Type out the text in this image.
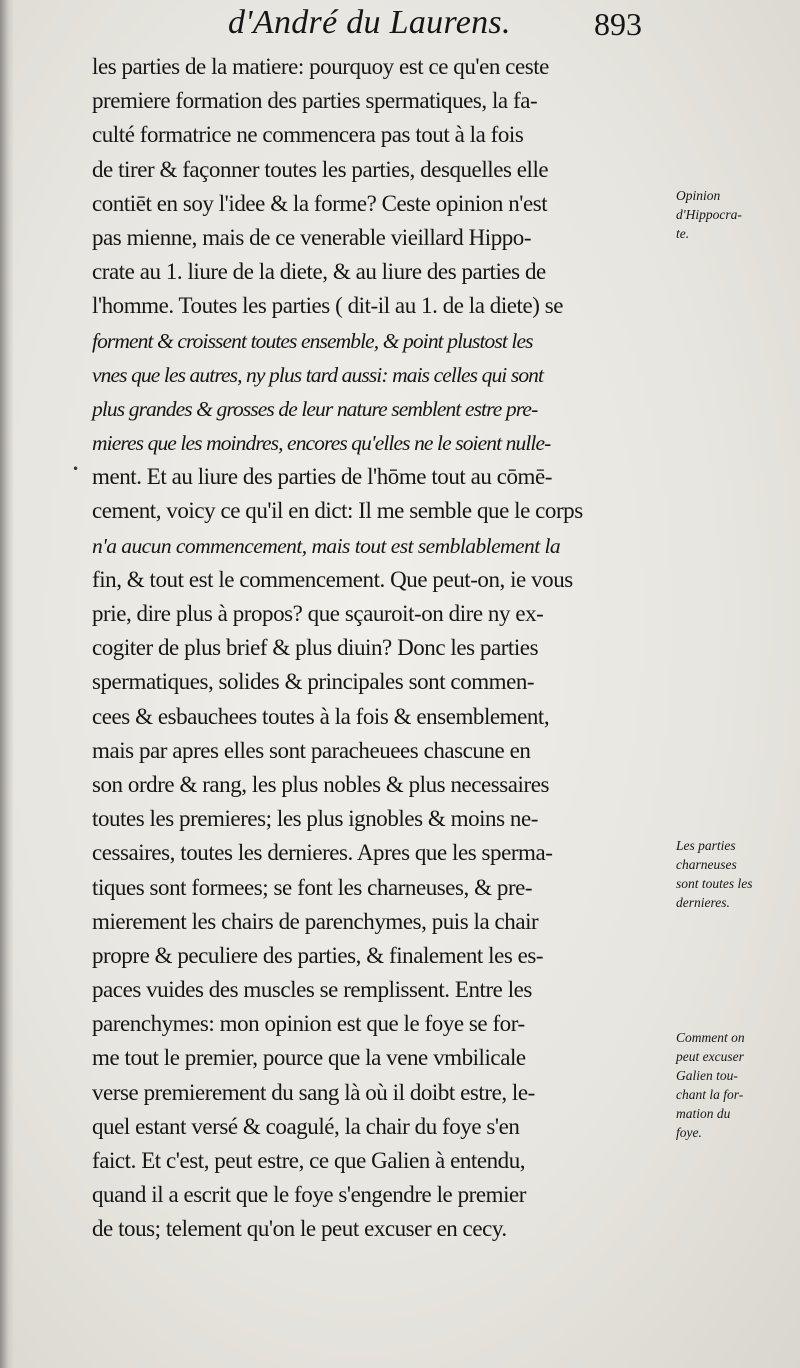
d'André du Laurens.	893
•
les parties de la matiere: pourquoy est ce qu'en ceste
premiere formation des parties spermatiques, la fa-
culté formatrice ne commencera pas tout à la fois
de tirer & façonner toutes les parties, desquelles elle
contiēt en soy l'idee & la forme? Ceste opinion n'est
pas mienne, mais de ce venerable vieillard Hippo-
crate au 1. liure de la diete, & au liure des parties de
l'homme. Toutes les parties ( dit-il au 1. de la diete) se
forment & croissent toutes ensemble, & point plustost les
vnes que les autres, ny plus tard aussi: mais celles qui sont
plus grandes & grosses de leur nature semblent estre pre-
mieres que les moindres, encores qu'elles ne le soient nulle-
ment. Et au liure des parties de l'hōme tout au cōmē-
cement, voicy ce qu'il en dict: Il me semble que le corps
n'a aucun commencement, mais tout est semblablement la
fin, & tout est le commencement. Que peut-on, ie vous
prie, dire plus à propos? que sçauroit-on dire ny ex-
cogiter de plus brief & plus diuin? Donc les parties
spermatiques, solides & principales sont commen-
cees & esbauchees toutes à la fois & ensemblement,
mais par apres elles sont paracheuees chascune en
son ordre & rang, les plus nobles & plus necessaires
toutes les premieres; les plus ignobles & moins ne-
cessaires, toutes les dernieres. Apres que les sperma-
tiques sont formees; se font les charneuses, & pre-
mierement les chairs de parenchymes, puis la chair
propre & peculiere des parties, & finalement les es-
paces vuides des muscles se remplissent. Entre les
parenchymes: mon opinion est que le foye se for-
me tout le premier, pource que la vene vmbilicale
verse premierement du sang là où il doibt estre, le-
quel estant versé & coagulé, la chair du foye s'en
faict. Et c'est, peut estre, ce que Galien à entendu,
quand il a escrit que le foye s'engendre le premier
de tous; telement qu'on le peut excuser en cecy.
Opinion
d'Hippocra-
te.
Les parties
charneuses
sont toutes les
dernieres.
Comment on
peut excuser
Galien tou-
chant la for-
mation du
foye.
